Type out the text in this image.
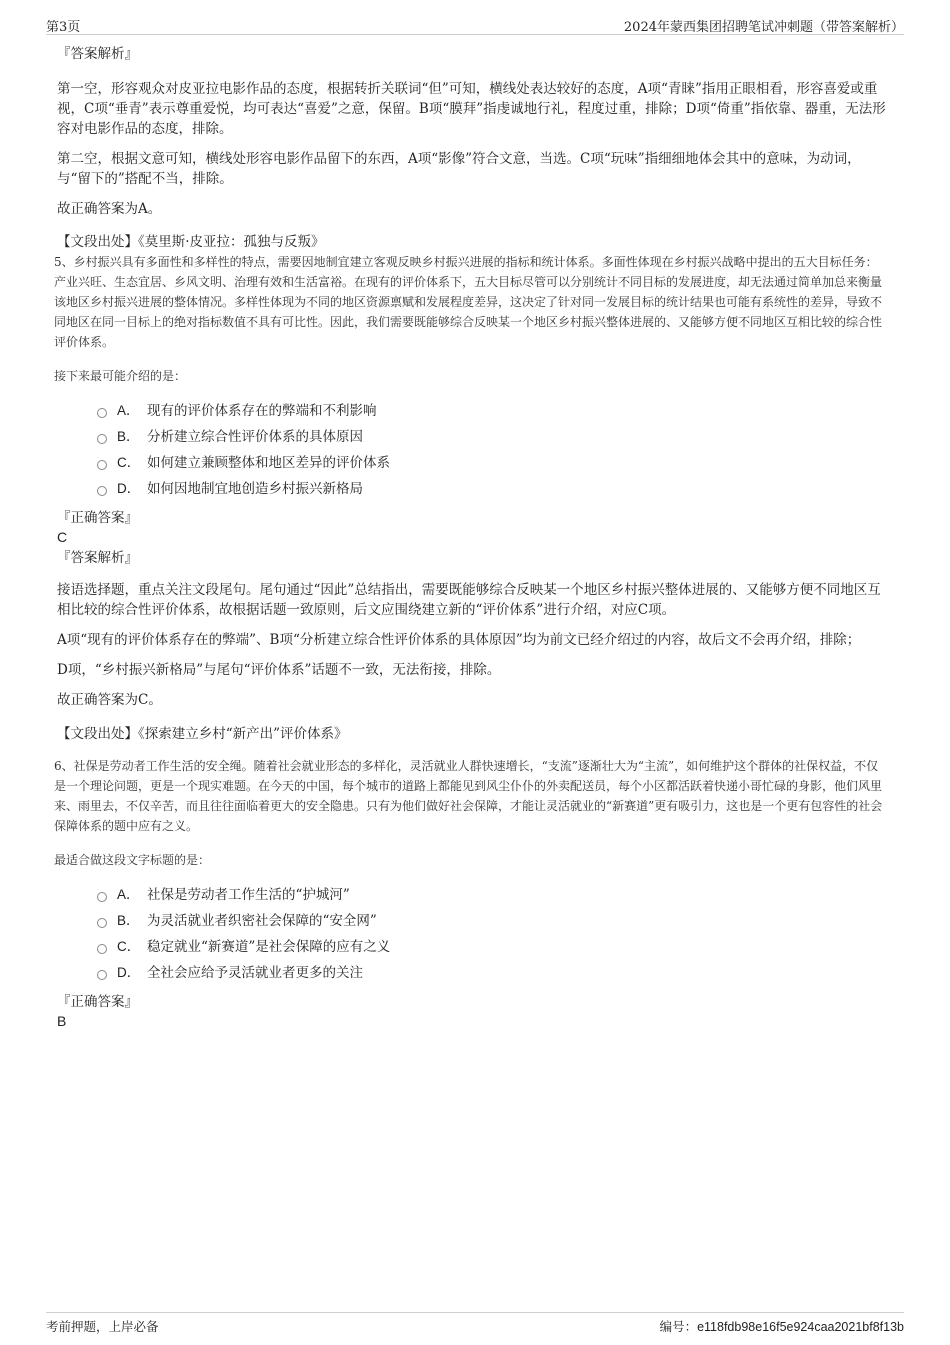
第3页	2024年蒙西集团招聘笔试冲刺题（带答案解析）

『答案解析』

第一空，形容观众对皮亚拉电影作品的态度，根据转折关联词“但”可知，横线处表达较好的态度，A项“青睐”指用正眼相看，形容喜爱或重视，C项“垂青”表示尊重爱悦，均可表达“喜爱”之意，保留。B项“膜拜”指虔诚地行礼，程度过重，排除；D项“倚重”指依靠、器重，无法形容对电影作品的态度，排除。

第二空，根据文意可知，横线处形容电影作品留下的东西，A项“影像”符合文意，当选。C项“玩味”指细细地体会其中的意味，为动词，与“留下的”搭配不当，排除。

故正确答案为A。

【文段出处】《莫里斯·皮亚拉：孤独与反叛》

5、乡村振兴具有多面性和多样性的特点，需要因地制宜建立客观反映乡村振兴进展的指标和统计体系。多面性体现在乡村振兴战略中提出的五大目标任务：产业兴旺、生态宜居、乡风文明、治理有效和生活富裕。在现有的评价体系下，五大目标尽管可以分别统计不同目标的发展进度，却无法通过简单加总来衡量该地区乡村振兴进展的整体情况。多样性体现为不同的地区资源禀赋和发展程度差异，这决定了针对同一发展目标的统计结果也可能有系统性的差异，导致不同地区在同一目标上的绝对指标数值不具有可比性。因此，我们需要既能够综合反映某一个地区乡村振兴整体进展的、又能够方便不同地区互相比较的综合性评价体系。

接下来最可能介绍的是：

A． 现有的评价体系存在的弊端和不利影响
B． 分析建立综合性评价体系的具体原因
C． 如何建立兼顾整体和地区差异的评价体系
D． 如何因地制宜地创造乡村振兴新格局

『正确答案』

C

『答案解析』

接语选择题，重点关注文段尾句。尾句通过“因此”总结指出，需要既能够综合反映某一个地区乡村振兴整体进展的、又能够方便不同地区互相比较的综合性评价体系，故根据话题一致原则，后文应围绕建立新的“评价体系”进行介绍，对应C项。

A项“现有的评价体系存在的弊端”、B项“分析建立综合性评价体系的具体原因”均为前文已经介绍过的内容，故后文不会再介绍，排除；

D项，“乡村振兴新格局”与尾句“评价体系”话题不一致，无法衔接，排除。

故正确答案为C。

【文段出处】《探索建立乡村“新产出”评价体系》

6、社保是劳动者工作生活的安全绳。随着社会就业形态的多样化，灵活就业人群快速增长，“支流”逐渐壮大为“主流”，如何维护这个群体的社保权益，不仅是一个理论问题，更是一个现实难题。在今天的中国，每个城市的道路上都能见到风尘仆仆的外卖配送员，每个小区都活跃着快递小哥忙碌的身影，他们风里来、雨里去，不仅辛苦，而且往往面临着更大的安全隐患。只有为他们做好社会保障，才能让灵活就业的“新赛道”更有吸引力，这也是一个更有包容性的社会保障体系的题中应有之义。

最适合做这段文字标题的是：

A． 社保是劳动者工作生活的“护城河”
B． 为灵活就业者织密社会保障的“安全网”
C． 稳定就业“新赛道”是社会保障的应有之义
D． 全社会应给予灵活就业者更多的关注

『正确答案』

B

考前押题，上岸必备	编号：e118fdb98e16f5e924caa2021bf8f13b
